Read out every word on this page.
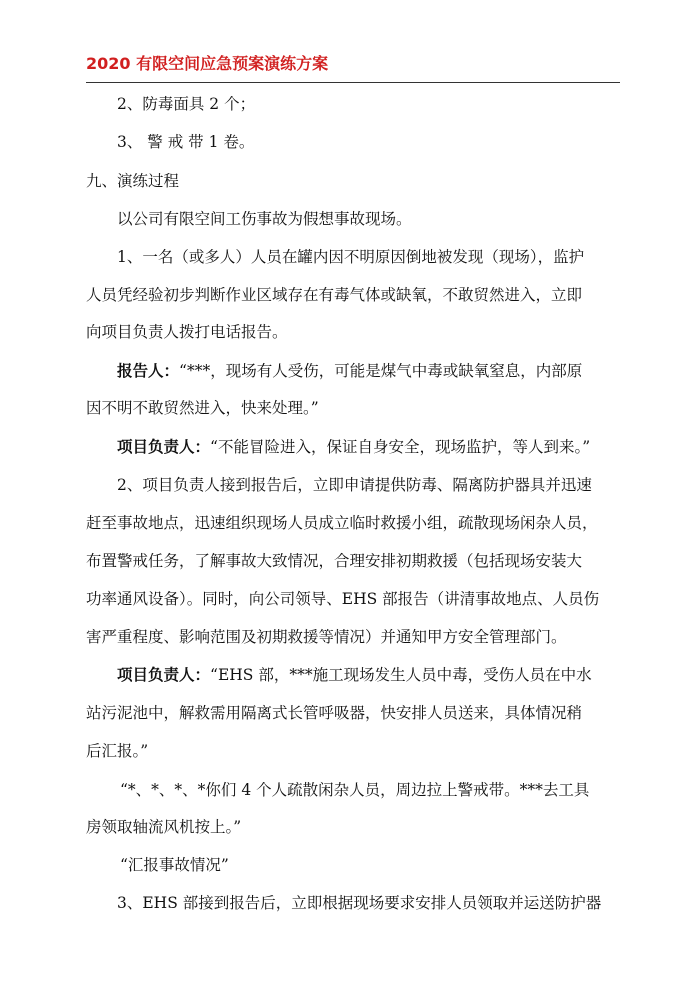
2020 有限空间应急预案演练方案
2、防毒面具 2 个；
3、 警 戒 带 1 卷。
九、演练过程
以公司有限空间工伤事故为假想事故现场。
1、一名（或多人）人员在罐内因不明原因倒地被发现（现场），监护
人员凭经验初步判断作业区域存在有毒气体或缺氧，不敢贸然进入，立即
向项目负责人拨打电话报告。
报告人：“***，现场有人受伤，可能是煤气中毒或缺氧窒息，内部原
因不明不敢贸然进入，快来处理。”
项目负责人：“不能冒险进入，保证自身安全，现场监护，等人到来。”
2、项目负责人接到报告后，立即申请提供防毒、隔离防护器具并迅速
赶至事故地点，迅速组织现场人员成立临时救援小组，疏散现场闲杂人员，
布置警戒任务，了解事故大致情况，合理安排初期救援（包括现场安装大
功率通风设备）。同时，向公司领导、EHS 部报告（讲清事故地点、人员伤
害严重程度、影响范围及初期救援等情况）并通知甲方安全管理部门。
项目负责人：“EHS 部，***施工现场发生人员中毒，受伤人员在中水
站污泥池中，解救需用隔离式长管呼吸器，快安排人员送来，具体情况稍
后汇报。”
“*、*、*、*你们 4 个人疏散闲杂人员，周边拉上警戒带。***去工具
房领取轴流风机按上。”
“汇报事故情况”
3、EHS 部接到报告后，立即根据现场要求安排人员领取并运送防护器
